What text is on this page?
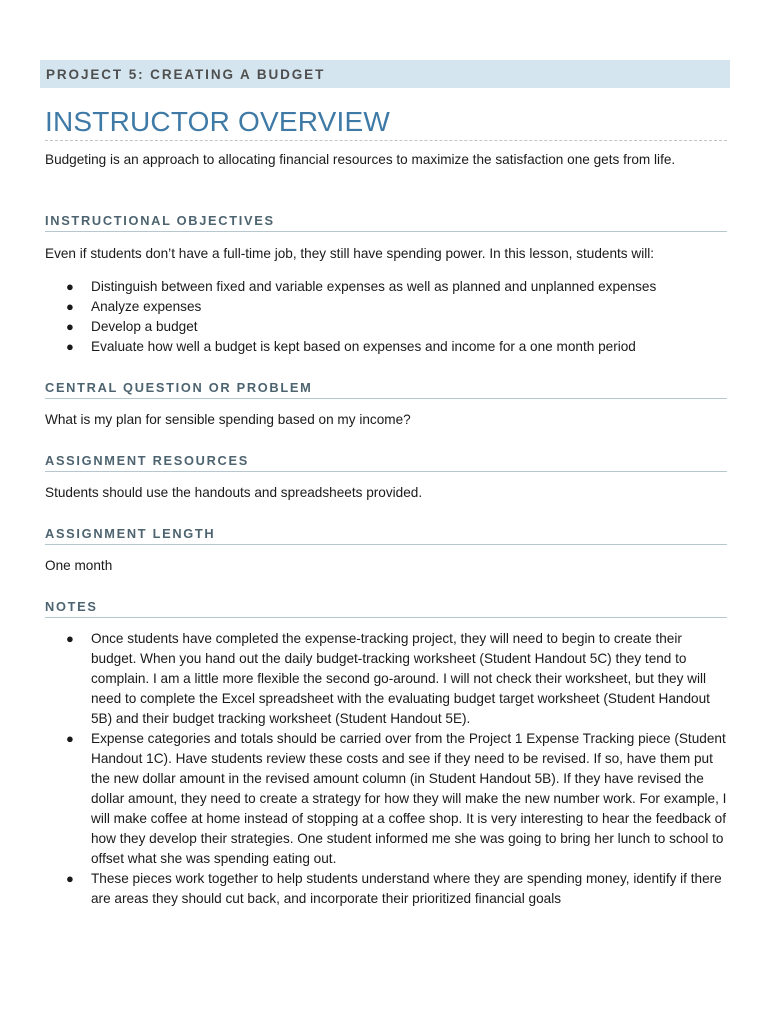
PROJECT 5: CREATING A BUDGET
INSTRUCTOR OVERVIEW

Budgeting is an approach to allocating financial resources to maximize the satisfaction one gets from life.

INSTRUCTIONAL OBJECTIVES

Even if students don’t have a full-time job, they still have spending power. In this lesson, students will:

● Distinguish between fixed and variable expenses as well as planned and unplanned expenses
● Analyze expenses
● Develop a budget
● Evaluate how well a budget is kept based on expenses and income for a one month period
CENTRAL QUESTION OR PROBLEM

What is my plan for sensible spending based on my income?

ASSIGNMENT RESOURCES

Students should use the handouts and spreadsheets provided.

ASSIGNMENT LENGTH

One month

NOTES
● Once students have completed the expense-tracking project, they will need to begin to create their budget. When you hand out the daily budget-tracking worksheet (Student Handout 5C) they tend to complain. I am a little more flexible the second go-around. I will not check their worksheet, but they will need to complete the Excel spreadsheet with the evaluating budget target worksheet (Student Handout 5B) and their budget tracking worksheet (Student Handout 5E).
● Expense categories and totals should be carried over from the Project 1 Expense Tracking piece (Student Handout 1C). Have students review these costs and see if they need to be revised. If so, have them put the new dollar amount in the revised amount column (in Student Handout 5B). If they have revised the dollar amount, they need to create a strategy for how they will make the new number work. For example, I will make coffee at home instead of stopping at a coffee shop. It is very interesting to hear the feedback of how they develop their strategies. One student informed me she was going to bring her lunch to school to offset what she was spending eating out.
● These pieces work together to help students understand where they are spending money, identify if there are areas they should cut back, and incorporate their prioritized financial goals
